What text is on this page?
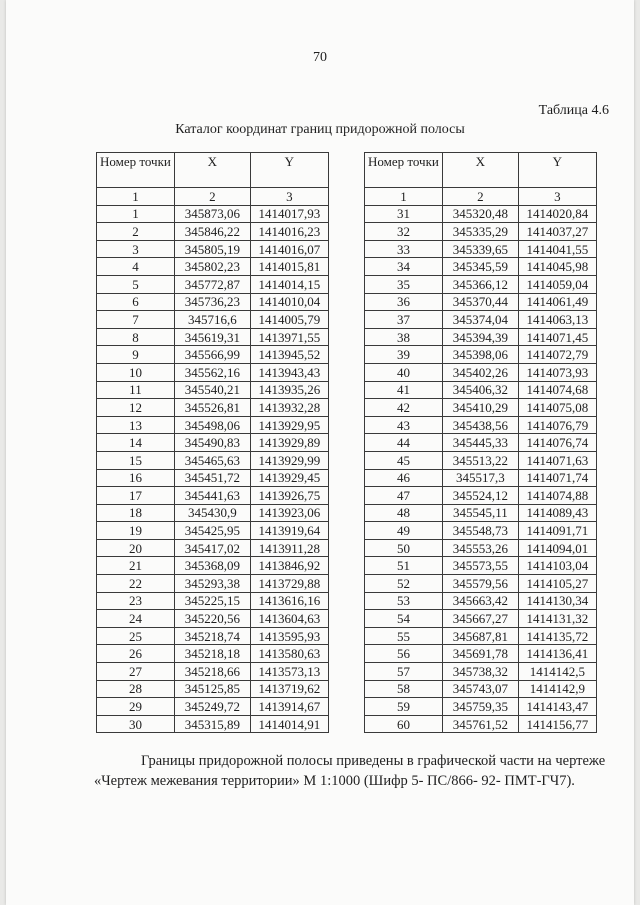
70
Таблица 4.6
Каталог координат границ придорожной полосы
Номер точки	X	Y
1	2	3
1	345873,06	1414017,93
2	345846,22	1414016,23
3	345805,19	1414016,07
4	345802,23	1414015,81
5	345772,87	1414014,15
6	345736,23	1414010,04
7	345716,6	1414005,79
8	345619,31	1413971,55
9	345566,99	1413945,52
10	345562,16	1413943,43
11	345540,21	1413935,26
12	345526,81	1413932,28
13	345498,06	1413929,95
14	345490,83	1413929,89
15	345465,63	1413929,99
16	345451,72	1413929,45
17	345441,63	1413926,75
18	345430,9	1413923,06
19	345425,95	1413919,64
20	345417,02	1413911,28
21	345368,09	1413846,92
22	345293,38	1413729,88
23	345225,15	1413616,16
24	345220,56	1413604,63
25	345218,74	1413595,93
26	345218,18	1413580,63
27	345218,66	1413573,13
28	345125,85	1413719,62
29	345249,72	1413914,67
30	345315,89	1414014,91
Номер точки	X	Y
1	2	3
31	345320,48	1414020,84
32	345335,29	1414037,27
33	345339,65	1414041,55
34	345345,59	1414045,98
35	345366,12	1414059,04
36	345370,44	1414061,49
37	345374,04	1414063,13
38	345394,39	1414071,45
39	345398,06	1414072,79
40	345402,26	1414073,93
41	345406,32	1414074,68
42	345410,29	1414075,08
43	345438,56	1414076,79
44	345445,33	1414076,74
45	345513,22	1414071,63
46	345517,3	1414071,74
47	345524,12	1414074,88
48	345545,11	1414089,43
49	345548,73	1414091,71
50	345553,26	1414094,01
51	345573,55	1414103,04
52	345579,56	1414105,27
53	345663,42	1414130,34
54	345667,27	1414131,32
55	345687,81	1414135,72
56	345691,78	1414136,41
57	345738,32	1414142,5
58	345743,07	1414142,9
59	345759,35	1414143,47
60	345761,52	1414156,77

Границы придорожной полосы приведены в графической части на чертеже

«Чертеж межевания территории» М 1:1000 (Шифр 5- ПС/866- 92- ПМТ-ГЧ7).
